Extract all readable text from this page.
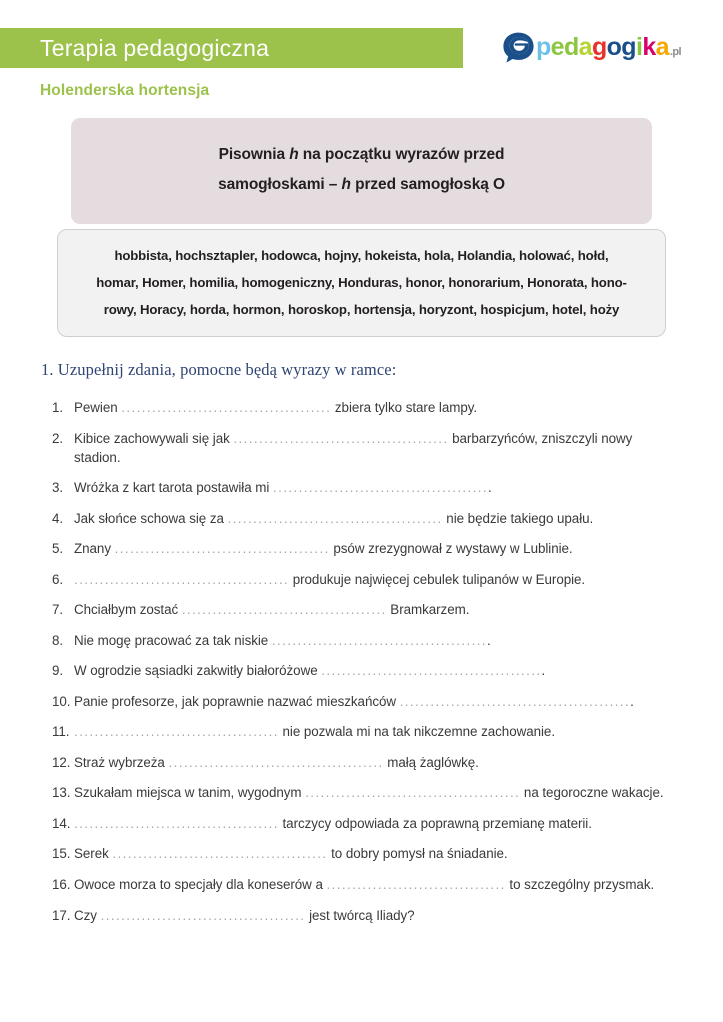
Terapia pedagogiczna
Holenderska hortensja
p e d a g o g i k a .pl
Pisownia h na początku wyrazów przed
samogłoskami – h przed samogłoską O
hobbista, hochsztapler, hodowca, hojny, hokeista, hola, Holandia, holować, hołd,
homar, Homer, homilia, homogeniczny, Honduras, honor, honorarium, Honorata, hono-
rowy, Horacy, horda, hormon, horoskop, hortensja, horyzont, hospicjum, hotel, hoży
1. Uzupełnij zdania, pomocne będą wyrazy w ramce:
1. Pewien ......................................... zbiera tylko stare lampy.
2. Kibice zachowywali się jak .......................................... barbarzyńców, zniszczyli nowy stadion.
3. Wróżka z kart tarota postawiła mi ...........................................
4. Jak słońce schowa się za .......................................... nie będzie takiego upału.
5. Znany .......................................... psów zrezygnował z wystawy w Lublinie.
6. .......................................... produkuje najwięcej cebulek tulipanów w Europie.
7. Chciałbym zostać ........................................ Bramkarzem.
8. Nie mogę pracować za tak niskie ...........................................
9. W ogrodzie sąsiadki zakwitły białoróżowe ............................................
10. Panie profesorze, jak poprawnie nazwać mieszkańców ..............................................
11. ........................................ nie pozwala mi na tak nikczemne zachowanie.
12. Straż wybrzeża .......................................... małą żaglówkę.
13. Szukałam miejsca w tanim, wygodnym .......................................... na tegoroczne wakacje.
14. ........................................ tarczycy odpowiada za poprawną przemianę materii.
15. Serek .......................................... to dobry pomysł na śniadanie.
16. Owoce morza to specjały dla koneserów a ................................... to szczególny przysmak.
17. Czy ........................................ jest twórcą Iliady?
